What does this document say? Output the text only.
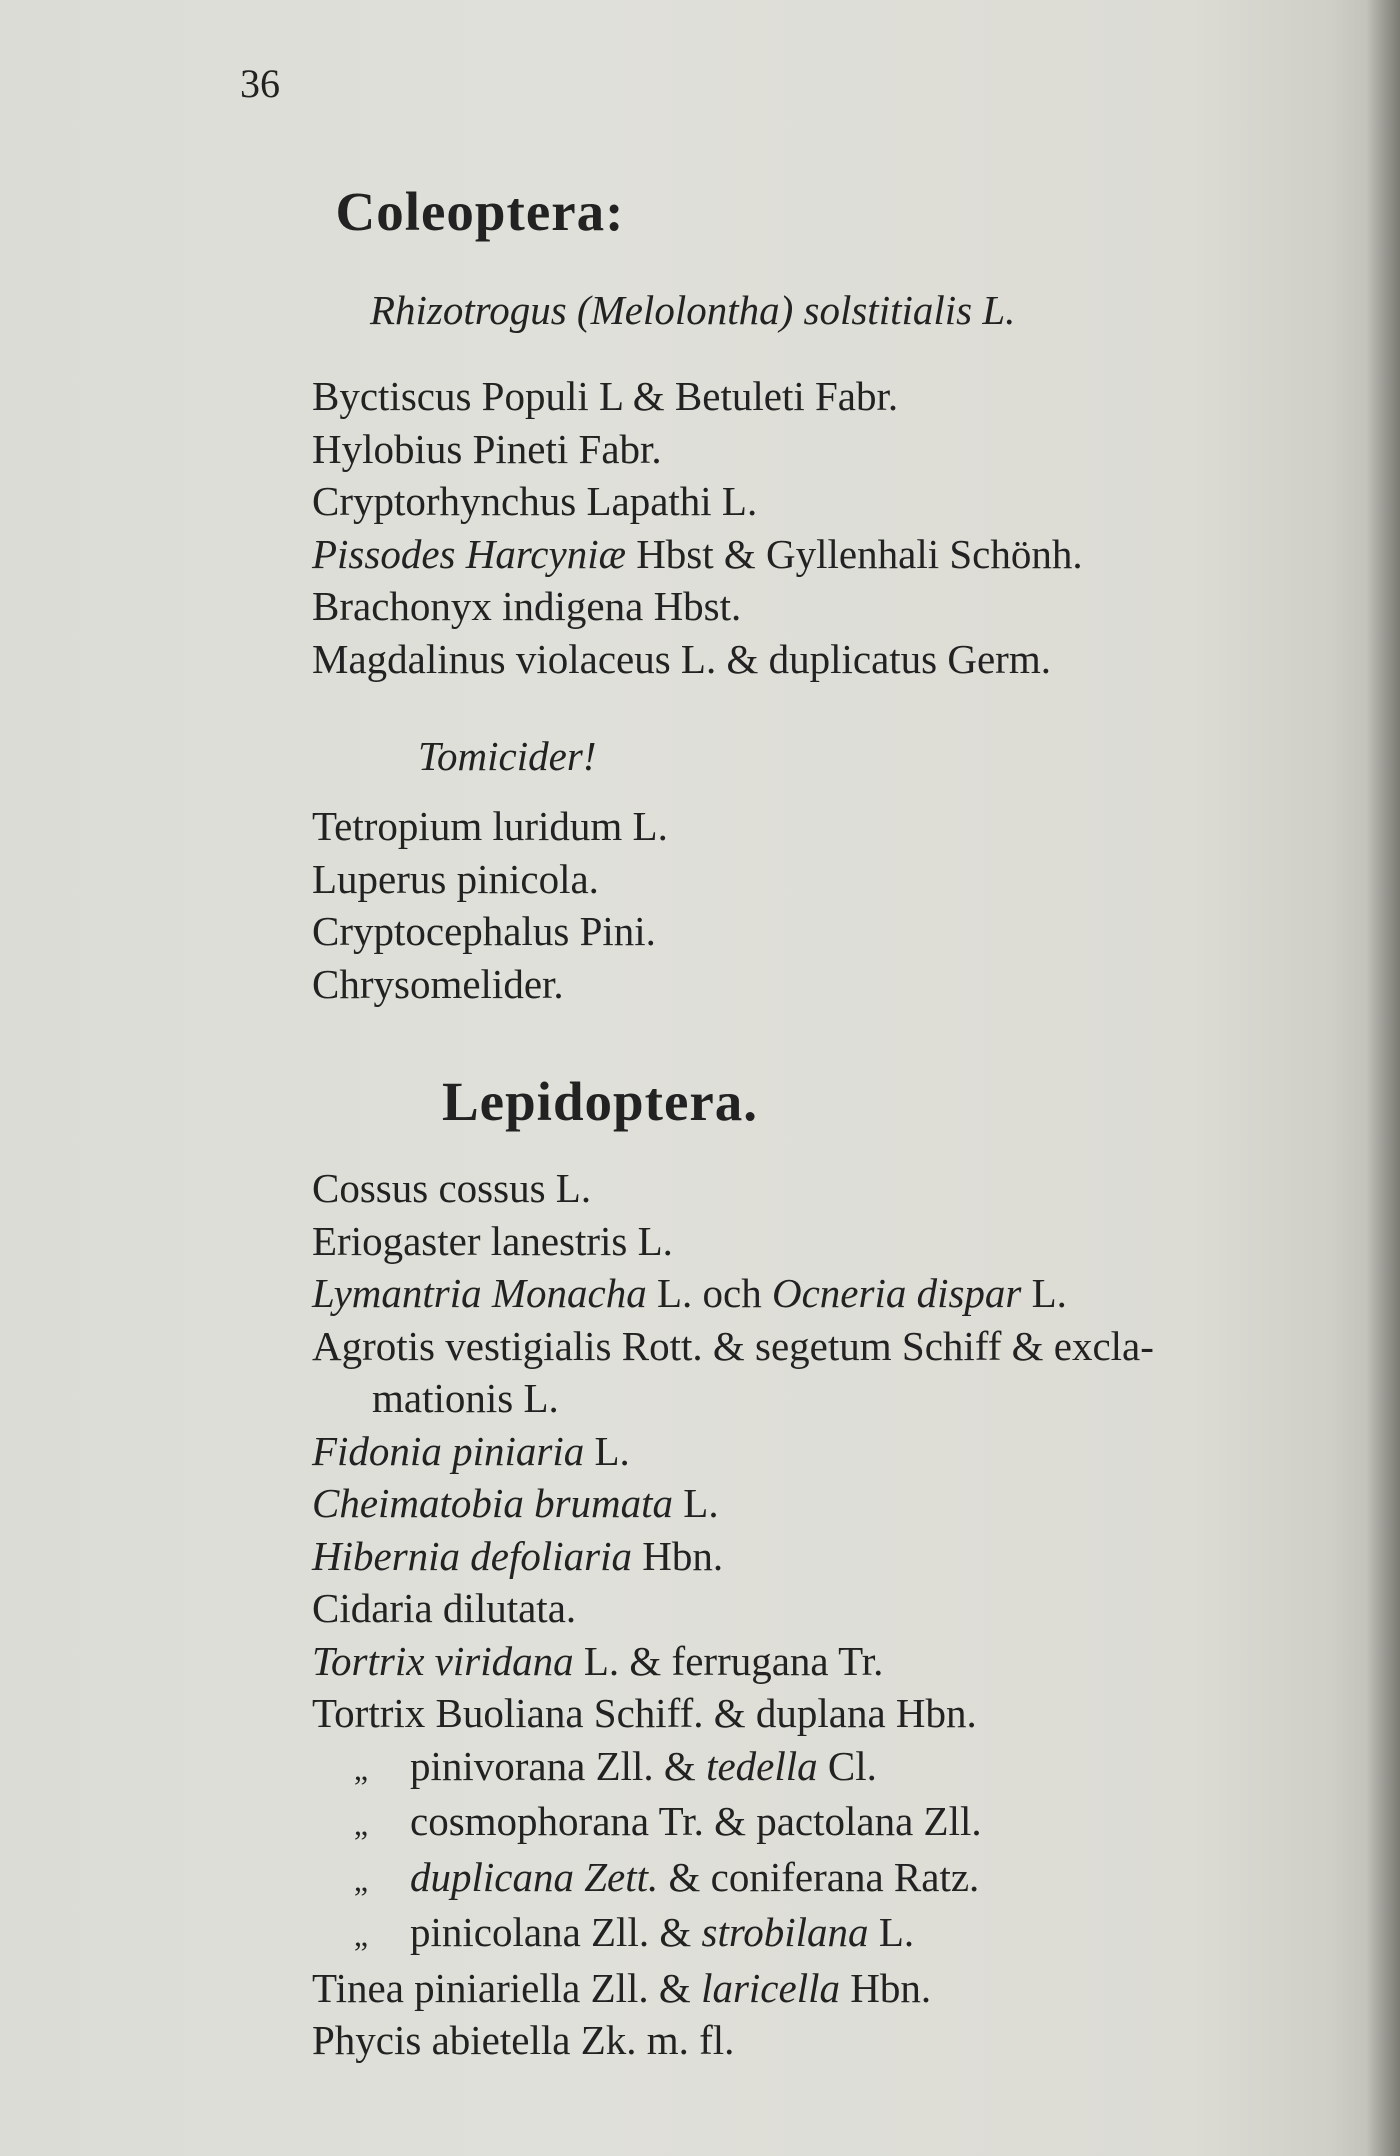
36
Coleoptera:
Rhizotrogus (Melolontha) solstitialis L.
Byctiscus Populi L & Betuleti Fabr.
Hylobius Pineti Fabr.
Cryptorhynchus Lapathi L.
Pissodes Harcyniæ Hbst & Gyllenhali Schönh.
Brachonyx indigena Hbst.
Magdalinus violaceus L. & duplicatus Germ.
Tomicider!
Tetropium luridum L.
Luperus pinicola.
Cryptocephalus Pini.
Chrysomelider.
Lepidoptera.
Cossus cossus L.
Eriogaster lanestris L.
Lymantria Monacha L. och Ocneria dispar L.
Agrotis vestigialis Rott. & segetum Schiff & excla-
mationis L.
Fidonia piniaria L.
Cheimatobia brumata L.
Hibernia defoliaria Hbn.
Cidaria dilutata.
Tortrix viridana L. & ferrugana Tr.
Tortrix Buoliana Schiff. & duplana Hbn.
„ pinivorana Zll. & tedella Cl.
„ cosmophorana Tr. & pactolana Zll.
„ duplicana Zett. & coniferana Ratz.
„ pinicolana Zll. & strobilana L.
Tinea piniariella Zll. & laricella Hbn.
Phycis abietella Zk. m. fl.
